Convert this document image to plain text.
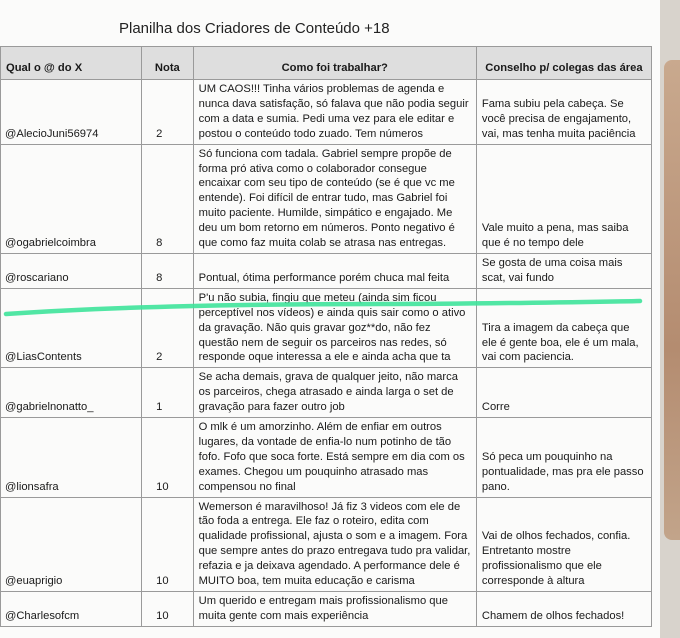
Planilha dos Criadores de Conteúdo +18
Qual o @ do X	Nota	Como foi trabalhar?	Conselho p/ colegas das área
@AlecioJuni56974	2	UM CAOS!!! Tinha vários problemas de agenda e nunca dava satisfação, só falava que não podia seguir com a data e sumia. Pedi uma vez para ele editar e postou o conteúdo todo zuado. Tem números	Fama subiu pela cabeça. Se você precisa de engajamento, vai, mas tenha muita paciência
@ogabrielcoimbra	8	Só funciona com tadala. Gabriel sempre propõe de forma pró ativa como o colaborador consegue encaixar com seu tipo de conteúdo (se é que vc me entende). Foi difícil de entrar tudo, mas Gabriel foi muito paciente. Humilde, simpático e engajado. Me deu um bom retorno em números. Ponto negativo é que como faz muita colab se atrasa nas entregas.	Vale muito a pena, mas saiba que é no tempo dele
@roscariano	8	Pontual, ótima performance porém chuca mal feita	Se gosta de uma coisa mais scat, vai fundo
@LiasContents	2	P'u não subia, fingiu que meteu (ainda sim ficou perceptível nos vídeos) e ainda quis sair como o ativo da gravação. Não quis gravar goz**do, não fez questão nem de seguir os parceiros nas redes, só responde oque interessa a ele e ainda acha que ta	Tira a imagem da cabeça que ele é gente boa, ele é um mala, vai com paciencia.
@gabrielnonatto_	1	Se acha demais, grava de qualquer jeito, não marca os parceiros, chega atrasado e ainda larga o set de gravação para fazer outro job	Corre
@lionsafra	10	O mlk é um amorzinho. Além de enfiar em outros lugares, da vontade de enfia-lo num potinho de tão fofo. Fofo que soca forte. Está sempre em dia com os exames. Chegou um pouquinho atrasado mas compensou no final	Só peca um pouquinho na pontualidade, mas pra ele passo pano.
@euaprigio	10	Wemerson é maravilhoso! Já fiz 3 videos com ele de tão foda a entrega. Ele faz o roteiro, edita com qualidade profissional, ajusta o som e a imagem. Fora que sempre antes do prazo entregava tudo pra validar, refazia e ja deixava agendado. A performance dele é MUITO boa, tem muita educação e carisma	Vai de olhos fechados, confia. Entretanto mostre profissionalismo que ele corresponde à altura
@Charlesofcm	10	Um querido e entregam mais profissionalismo que muita gente com mais experiência	Chamem de olhos fechados!
